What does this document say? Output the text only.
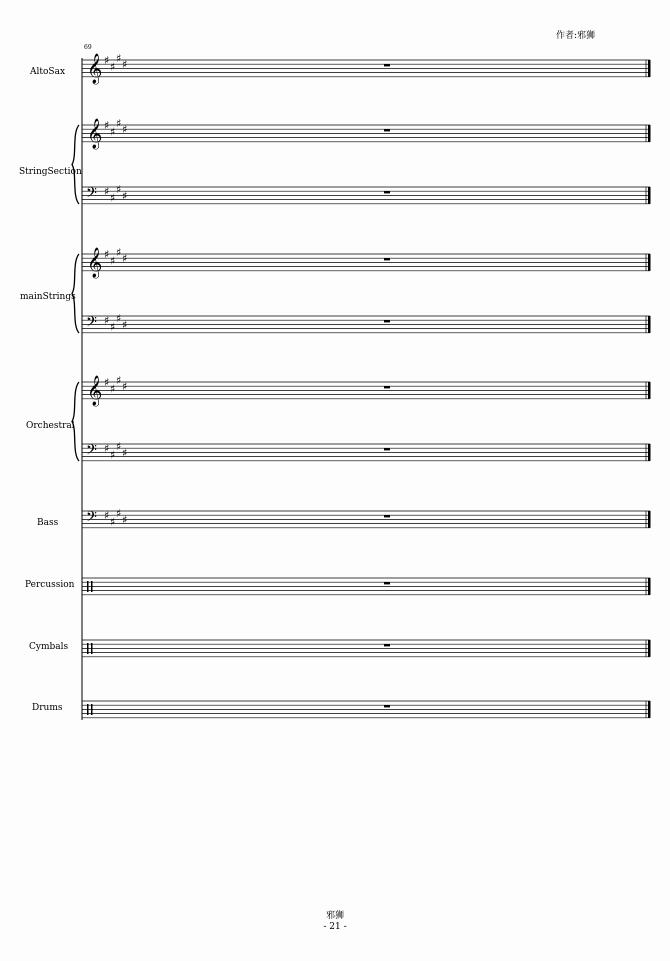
作者:邪狮
69
AltoSax
StringSection
mainStrings
Orchestral
Bass
Percussion
Cymbals
Drums
𝄞 ♯ ♯
♯ ♯
𝄞 ♯ ♯
♯ ♯
𝄢 ♯ ♯
♯ ♯
𝄞 ♯ ♯
♯ ♯
𝄢 ♯ ♯
♯ ♯
𝄞 ♯ ♯
♯ ♯
𝄢 ♯ ♯
♯ ♯
𝄢 ♯ ♯
♯ ♯
邪狮
- 21 -
